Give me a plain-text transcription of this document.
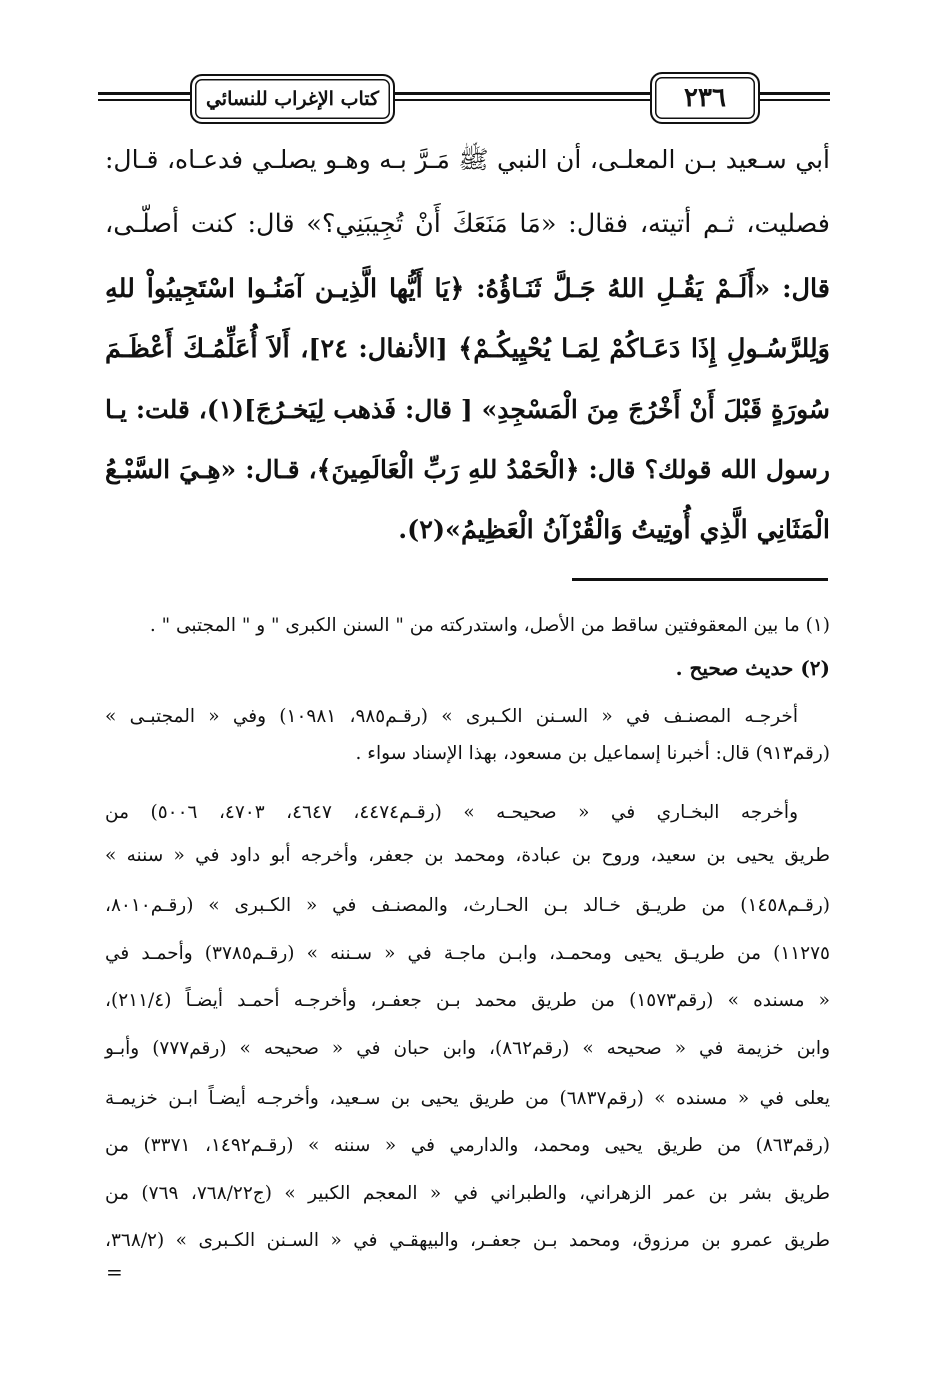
كتاب الإغراب للنسائي	٢٣٦
أبي سـعيد بـن المعلـى، أن النبي ﷺ مَـرَّ بـه وهـو يصلـي فدعـاه، قـال:
فصليت، ثـم أتيته، فقال: «مَا مَنَعَكَ أَنْ تُجِيبَنِي؟» قال: كنت أصلّـى،
قال: «أَلَـمْ يَقُـلِ اللهُ جَـلَّ ثَنَـاؤُهُ: ﴿يَا أَيُّها الَّذِيـن آمَنُـوا اسْتَجِيبُواْ للهِ
وَلِلرَّسُـولِ إِذَا دَعَـاكُمْ لِمَـا يُحْيِيكُـمْ﴾ [الأنفال: ٢٤]، أَلاَ أُعَلِّمُـكَ أَعْظَـمَ
سُورَةٍ قَبْلَ أَنْ أَخْرُجَ مِنَ الْمَسْجِدِ» [ قال: فَذهب لِيَخـرُجَ](١)، قلت: يـا
رسول الله قولك؟ قال: ﴿الْحَمْدُ للهِ رَبِّ الْعَالَمِينَ﴾، قـال: «هِـيَ السَّبْـعُ
الْمَثَانِي الَّذِي أُوتِيتُ وَالْقُرْآنُ الْعَظِيمُ»(٢).
(١) ما بين المعقوفتين ساقط من الأصل، واستدركته من " السنن الكبرى " و " المجتبى " .
(٢) حديث صحيح .
أخرجـه المصنـف في « السـنن الكـبرى » (رقـم٩٨٥، ١٠٩٨١) وفي « المجتبـى »
(رقم٩١٣) قال: أخبرنا إسماعيل بن مسعود، بهذا الإسناد سواء .
وأخرجه البخـاري في « صحيحـه » (رقـم٤٤٧٤، ٤٦٤٧، ٤٧٠٣، ٥٠٠٦) من
طريق يحيى بن سعيد، وروح بن عبادة، ومحمد بن جعفر، وأخرجه أبو داود في « سننه »
(رقـم١٤٥٨) من طريـق خـالد بـن الحـارث، والمصنـف في « الكـبرى » (رقـم٨٠١٠،
١١٢٧٥) من طريـق يحيى ومحمـد، وابـن ماجـة في « سـننه » (رقـم٣٧٨٥) وأحمـد في
« مسنده » (رقم١٥٧٣) من طريق محمد بـن جعفـر، وأخرجـه أحمـد أيضـاً (٢١١/٤)،
وابن خزيمة في « صحيحه » (رقم٨٦٢)، وابن حبان في « صحيحه » (رقم٧٧٧) وأبـو
يعلى في « مسنده » (رقم٦٨٣٧) من طريق يحيى بن سـعيد، وأخرجـه أيضـاً ابـن خزيمـة
(رقم٨٦٣) من طريق يحيى ومحمد، والدارمي في « سننه » (رقـم١٤٩٢، ٣٣٧١) من
طريق بشر بن عمر الزهراني، والطبراني في « المعجم الكبير » (ج٧٦٨/٢٢، ٧٦٩) من
طريق عمرو بن مرزوق، ومحمد بـن جعفـر، والبيهقـي في « السـنن الكـبرى » (٣٦٨/٢،
=
